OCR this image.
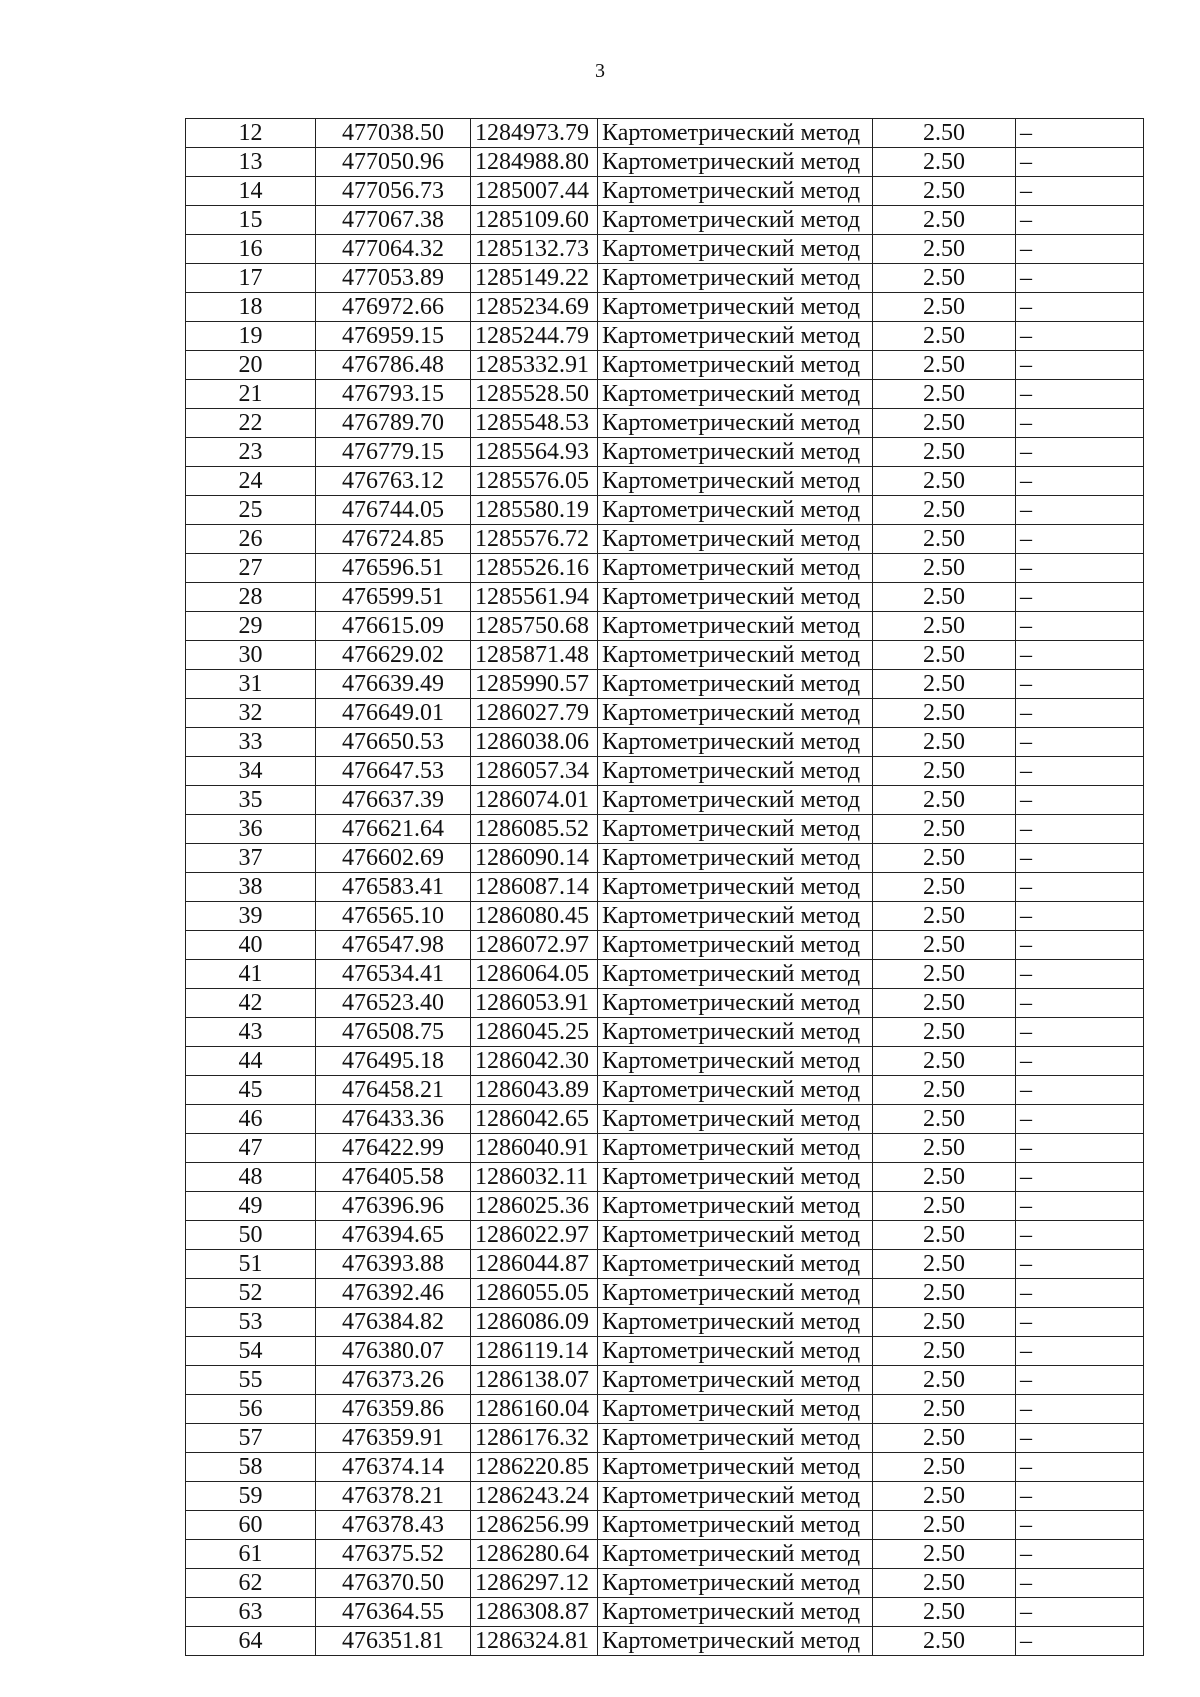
3
12	477038.50	1284973.79	Картометрический метод	2.50	–
13	477050.96	1284988.80	Картометрический метод	2.50	–
14	477056.73	1285007.44	Картометрический метод	2.50	–
15	477067.38	1285109.60	Картометрический метод	2.50	–
16	477064.32	1285132.73	Картометрический метод	2.50	–
17	477053.89	1285149.22	Картометрический метод	2.50	–
18	476972.66	1285234.69	Картометрический метод	2.50	–
19	476959.15	1285244.79	Картометрический метод	2.50	–
20	476786.48	1285332.91	Картометрический метод	2.50	–
21	476793.15	1285528.50	Картометрический метод	2.50	–
22	476789.70	1285548.53	Картометрический метод	2.50	–
23	476779.15	1285564.93	Картометрический метод	2.50	–
24	476763.12	1285576.05	Картометрический метод	2.50	–
25	476744.05	1285580.19	Картометрический метод	2.50	–
26	476724.85	1285576.72	Картометрический метод	2.50	–
27	476596.51	1285526.16	Картометрический метод	2.50	–
28	476599.51	1285561.94	Картометрический метод	2.50	–
29	476615.09	1285750.68	Картометрический метод	2.50	–
30	476629.02	1285871.48	Картометрический метод	2.50	–
31	476639.49	1285990.57	Картометрический метод	2.50	–
32	476649.01	1286027.79	Картометрический метод	2.50	–
33	476650.53	1286038.06	Картометрический метод	2.50	–
34	476647.53	1286057.34	Картометрический метод	2.50	–
35	476637.39	1286074.01	Картометрический метод	2.50	–
36	476621.64	1286085.52	Картометрический метод	2.50	–
37	476602.69	1286090.14	Картометрический метод	2.50	–
38	476583.41	1286087.14	Картометрический метод	2.50	–
39	476565.10	1286080.45	Картометрический метод	2.50	–
40	476547.98	1286072.97	Картометрический метод	2.50	–
41	476534.41	1286064.05	Картометрический метод	2.50	–
42	476523.40	1286053.91	Картометрический метод	2.50	–
43	476508.75	1286045.25	Картометрический метод	2.50	–
44	476495.18	1286042.30	Картометрический метод	2.50	–
45	476458.21	1286043.89	Картометрический метод	2.50	–
46	476433.36	1286042.65	Картометрический метод	2.50	–
47	476422.99	1286040.91	Картометрический метод	2.50	–
48	476405.58	1286032.11	Картометрический метод	2.50	–
49	476396.96	1286025.36	Картометрический метод	2.50	–
50	476394.65	1286022.97	Картометрический метод	2.50	–
51	476393.88	1286044.87	Картометрический метод	2.50	–
52	476392.46	1286055.05	Картометрический метод	2.50	–
53	476384.82	1286086.09	Картометрический метод	2.50	–
54	476380.07	1286119.14	Картометрический метод	2.50	–
55	476373.26	1286138.07	Картометрический метод	2.50	–
56	476359.86	1286160.04	Картометрический метод	2.50	–
57	476359.91	1286176.32	Картометрический метод	2.50	–
58	476374.14	1286220.85	Картометрический метод	2.50	–
59	476378.21	1286243.24	Картометрический метод	2.50	–
60	476378.43	1286256.99	Картометрический метод	2.50	–
61	476375.52	1286280.64	Картометрический метод	2.50	–
62	476370.50	1286297.12	Картометрический метод	2.50	–
63	476364.55	1286308.87	Картометрический метод	2.50	–
64	476351.81	1286324.81	Картометрический метод	2.50	–
